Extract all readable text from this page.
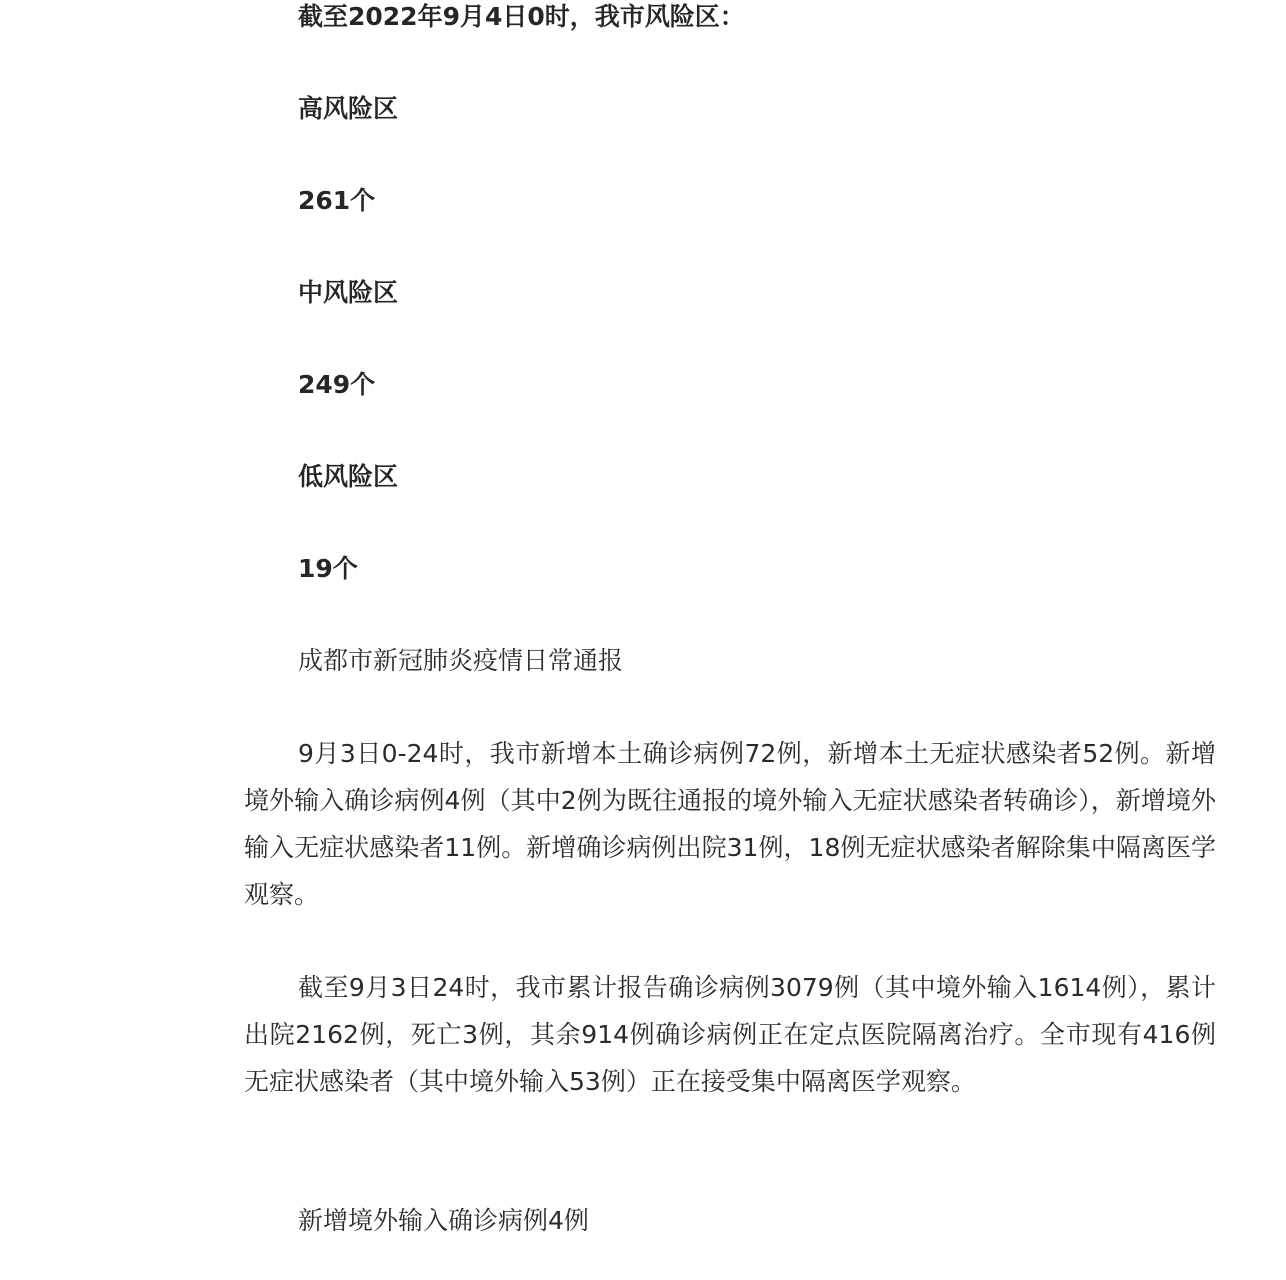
截至2022年9月4日0时，我市风险区：
高风险区
261个
中风险区
249个
低风险区
19个
成都市新冠肺炎疫情日常通报
9月3日0-24时，我市新增本土确诊病例72例，新增本土无症状感染者52例。新增境外输入确诊病例4例（其中2例为既往通报的境外输入无症状感染者转确诊），新增境外输入无症状感染者11例。新增确诊病例出院31例，18例无症状感染者解除集中隔离医学观察。
截至9月3日24时，我市累计报告确诊病例3079例（其中境外输入1614例），累计出院2162例，死亡3例，其余914例确诊病例正在定点医院隔离治疗。全市现有416例无症状感染者（其中境外输入53例）正在接受集中隔离医学观察。
新增境外输入确诊病例4例
